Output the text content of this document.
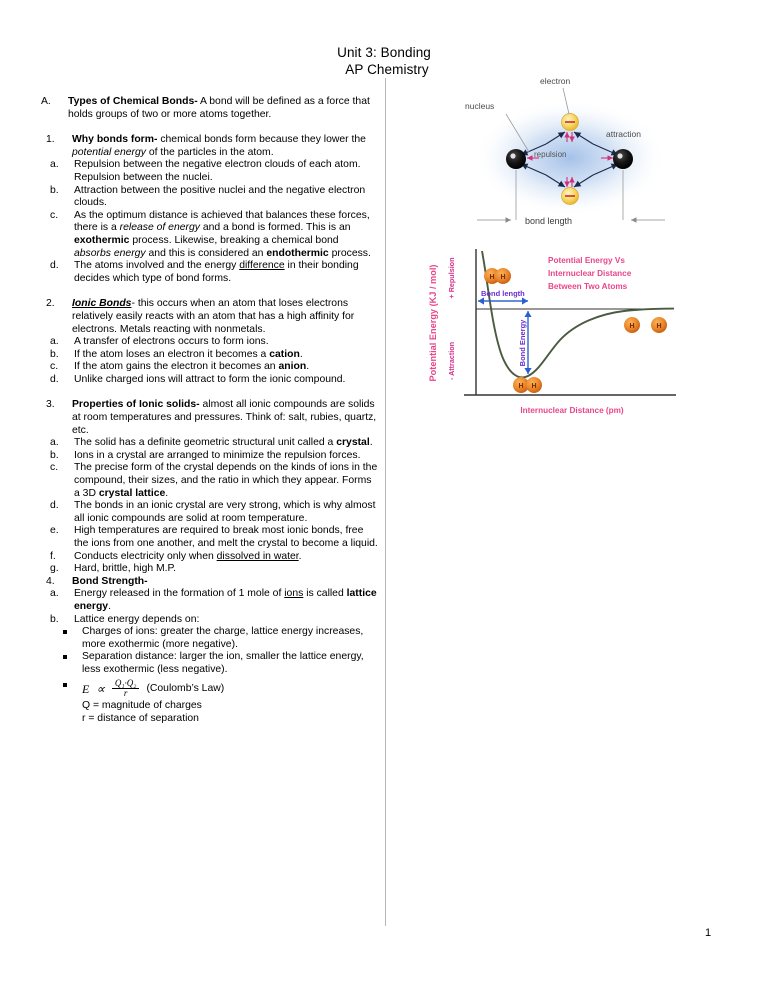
Unit 3: Bonding
AP Chemistry
A.	Types of Chemical Bonds- A bond will be defined as a force that holds groups of two or more atoms together.
1.	Why bonds form- chemical bonds form because they lower the potential energy of the particles in the atom.
a.	Repulsion between the negative electron clouds of each atom. Repulsion between the nuclei.
b.	Attraction between the positive nuclei and the negative electron clouds.
c.	As the optimum distance is achieved that balances these forces, there is a release of energy and a bond is formed. This is an exothermic process. Likewise, breaking a chemical bond absorbs energy and this is considered an endothermic process.
d.	The atoms involved and the energy difference in their bonding decides which type of bond forms.
2.	Ionic Bonds- this occurs when an atom that loses electrons relatively easily reacts with an atom that has a high affinity for electrons. Metals reacting with nonmetals.
a.	A transfer of electrons occurs to form ions.
b.	If the atom loses an electron it becomes a cation.
c.	If the atom gains the electron it becomes an anion.
d.	Unlike charged ions will attract to form the ionic compound.
3.	Properties of Ionic solids- almost all ionic compounds are solids at room temperatures and pressures. Think of: salt, rubies, quartz, etc.
a.	The solid has a definite geometric structural unit called a crystal.
b.	Ions in a crystal are arranged to minimize the repulsion forces.
c.	The precise form of the crystal depends on the kinds of ions in the compound, their sizes, and the ratio in which they appear. Forms a 3D crystal lattice.
d.	The bonds in an ionic crystal are very strong, which is why almost all ionic compounds are solid at room temperature.
e.	High temperatures are required to break most ionic bonds, free the ions from one another, and melt the crystal to become a liquid.
f.	Conducts electricity only when dissolved in water.
g.	Hard, brittle, high M.P.
4.	Bond Strength-
a.	Energy released in the formation of 1 mole of ions is called lattice energy.
b.	Lattice energy depends on:
Charges of ions: greater the charge, lattice energy increases, more exothermic (more negative).
Separation distance: larger the ion, smaller the lattice energy, less exothermic (less negative).
$E \propto \frac{\text{Q₁·Q₂}}{r}$ (Coulomb’s Law)
Q = magnitude of charges
r = distance of separation
electron
nucleus
attraction
repulsion
bond length
Bond length
Bond Energy
H H
H H
H	H
Potential Energy Vs
Internuclear Distance
Between Two Atoms
Potential Energy (KJ / mol) + Repulsion
- Attraction
Internuclear Distance (pm)
1
